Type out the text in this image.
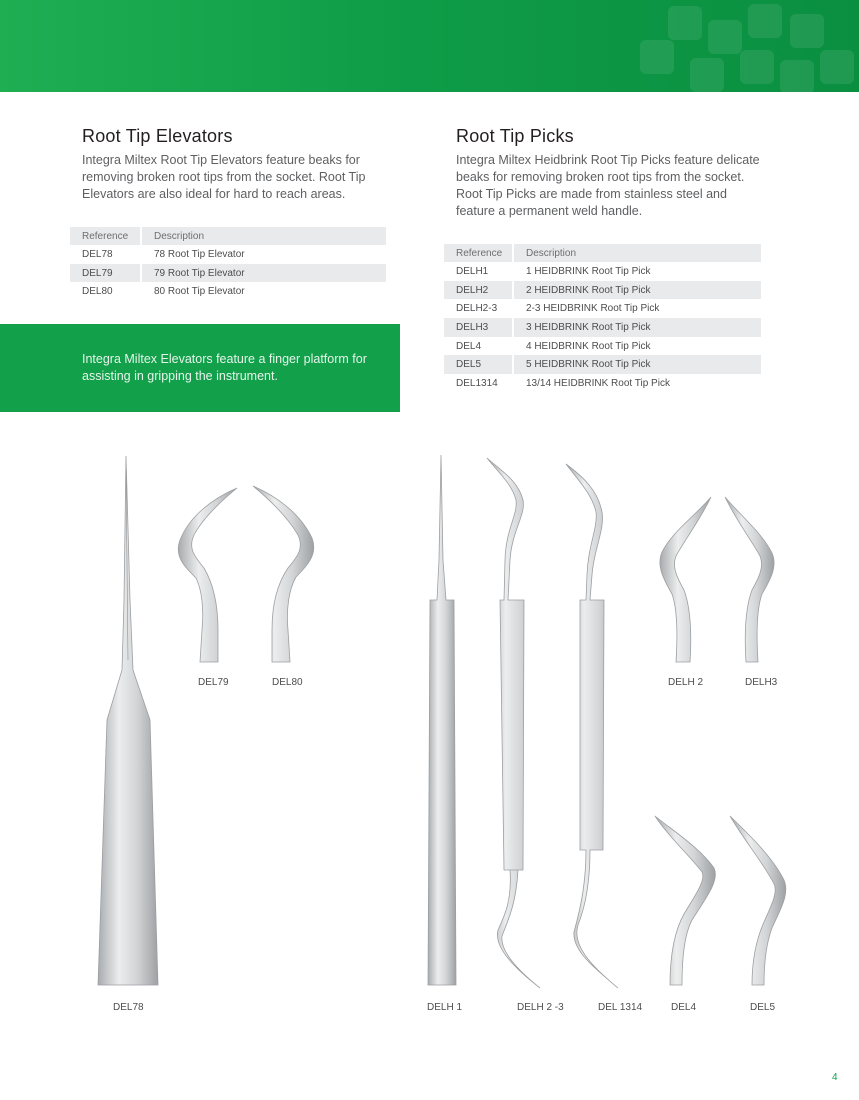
Root Tip Elevators

Integra Miltex Root Tip Elevators feature beaks for removing broken root tips from the socket. Root Tip Elevators are also ideal for hard to reach areas.

Reference	Description
DEL78	78 Root Tip Elevator
DEL79	79 Root Tip Elevator
DEL80	80 Root Tip Elevator
Root Tip Picks

Integra Miltex Heidbrink Root Tip Picks feature delicate beaks for removing broken root tips from the socket. Root Tip Picks are made from stainless steel and feature a permanent weld handle.

Reference	Description
DELH1	1 HEIDBRINK Root Tip Pick
DELH2	2 HEIDBRINK Root Tip Pick
DELH2-3	2-3 HEIDBRINK Root Tip Pick
DELH3	3 HEIDBRINK Root Tip Pick
DEL4	4 HEIDBRINK Root Tip Pick
DEL5	5 HEIDBRINK Root Tip Pick
DEL1314	13/14 HEIDBRINK Root Tip Pick

Integra Miltex Elevators feature a finger platform for assisting in gripping the instrument.

DEL79	DEL80	DELH 2	DELH3
DEL78	DELH 1	DELH 2 -3	DEL 1314	DEL4	DEL5
4
